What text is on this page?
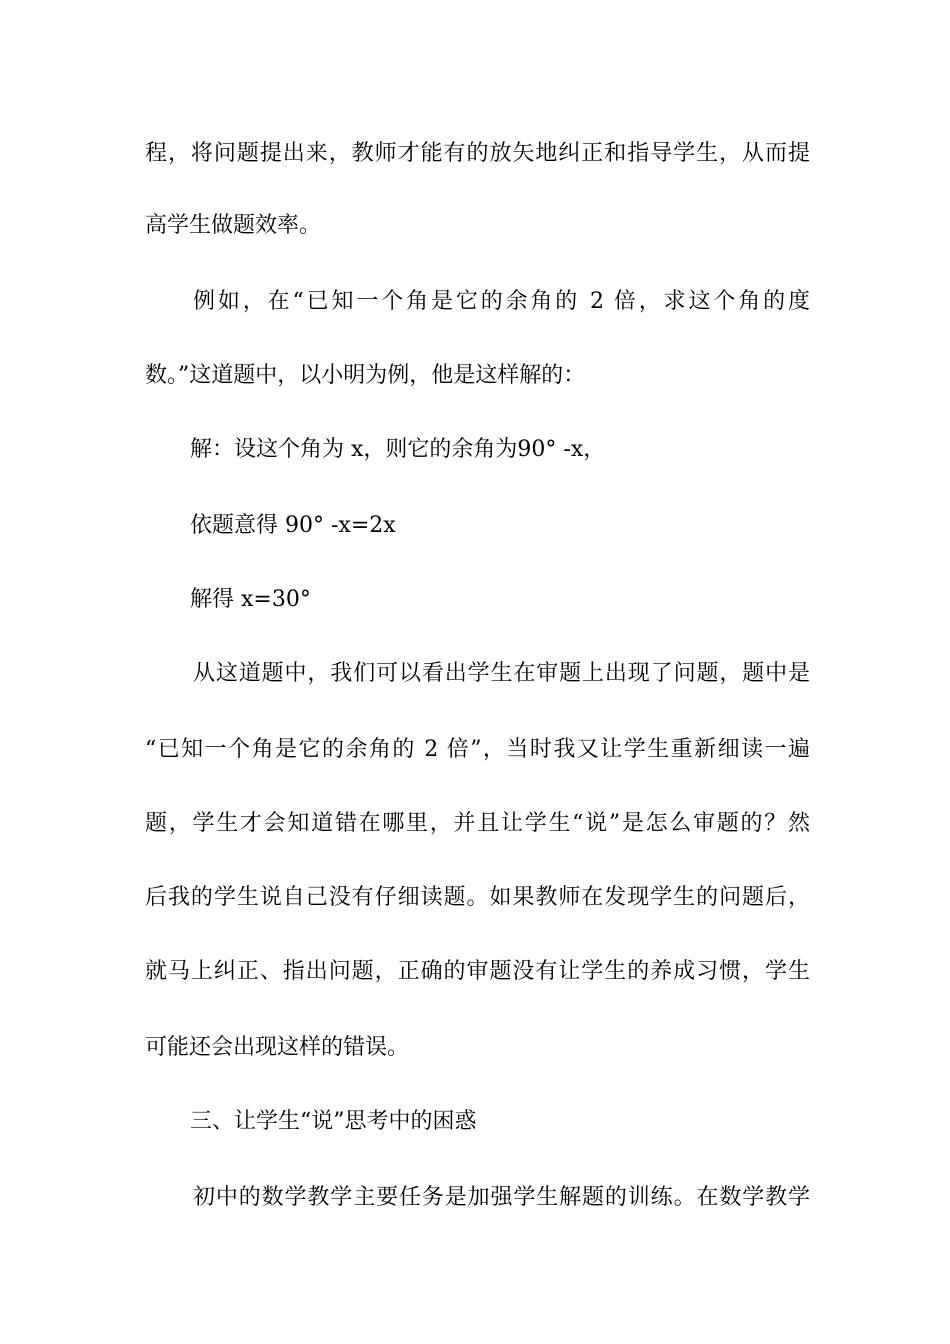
程，将问题提出来，教师才能有的放矢地纠正和指导学生，从而提
高学生做题效率。
例如，在“已知一个角是它的余角的 2 倍，求这个角的度
数。”这道题中，以小明为例，他是这样解的：
解：设这个角为 x，则它的余角为90° -x，
依题意得 90° -x=2x
解得 x=30°
从这道题中，我们可以看出学生在审题上出现了问题，题中是
“已知一个角是它的余角的 2 倍”，当时我又让学生重新细读一遍
题，学生才会知道错在哪里，并且让学生“说”是怎么审题的？然
后我的学生说自己没有仔细读题。如果教师在发现学生的问题后，
就马上纠正、指出问题，正确的审题没有让学生的养成习惯，学生
可能还会出现这样的错误。
三、让学生“说”思考中的困惑
初中的数学教学主要任务是加强学生解题的训练。在数学教学
